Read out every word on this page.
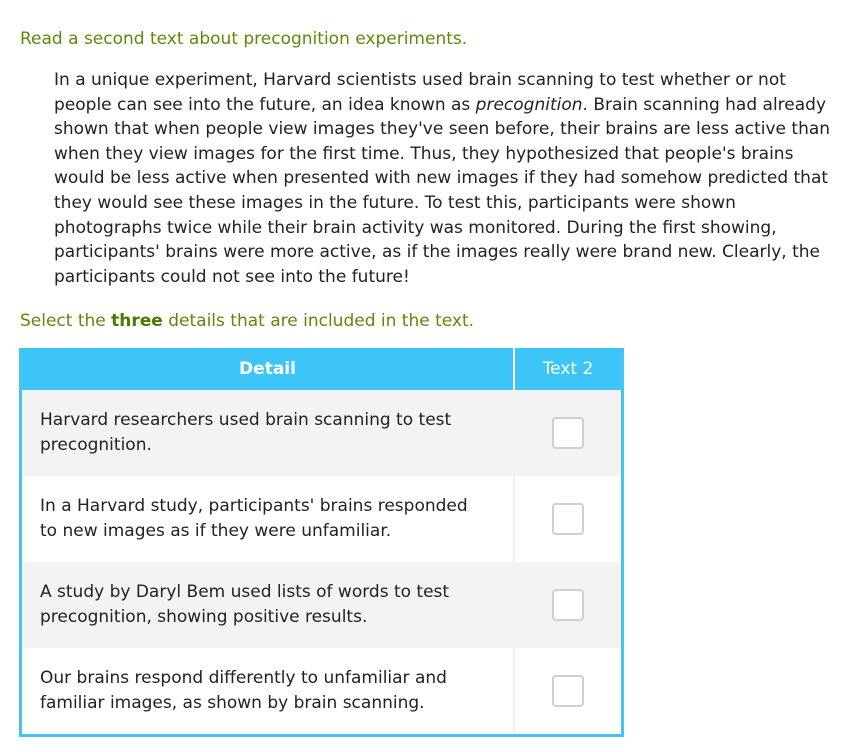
Read a second text about precognition experiments.
In a unique experiment, Harvard scientists used brain scanning to test whether or not people can see into the future, an idea known as precognition. Brain scanning had already shown that when people view images they've seen before, their brains are less active than when they view images for the first time. Thus, they hypothesized that people's brains would be less active when presented with new images if they had somehow predicted that they would see these images in the future. To test this, participants were shown photographs twice while their brain activity was monitored. During the first showing, participants' brains were more active, as if the images really were brand new. Clearly, the participants could not see into the future!
Select the three details that are included in the text.
Detail	Text 2
Harvard researchers used brain scanning to test precognition.	
In a Harvard study, participants' brains responded to new images as if they were unfamiliar.	
A study by Daryl Bem used lists of words to test precognition, showing positive results.	
Our brains respond differently to unfamiliar and familiar images, as shown by brain scanning.	
